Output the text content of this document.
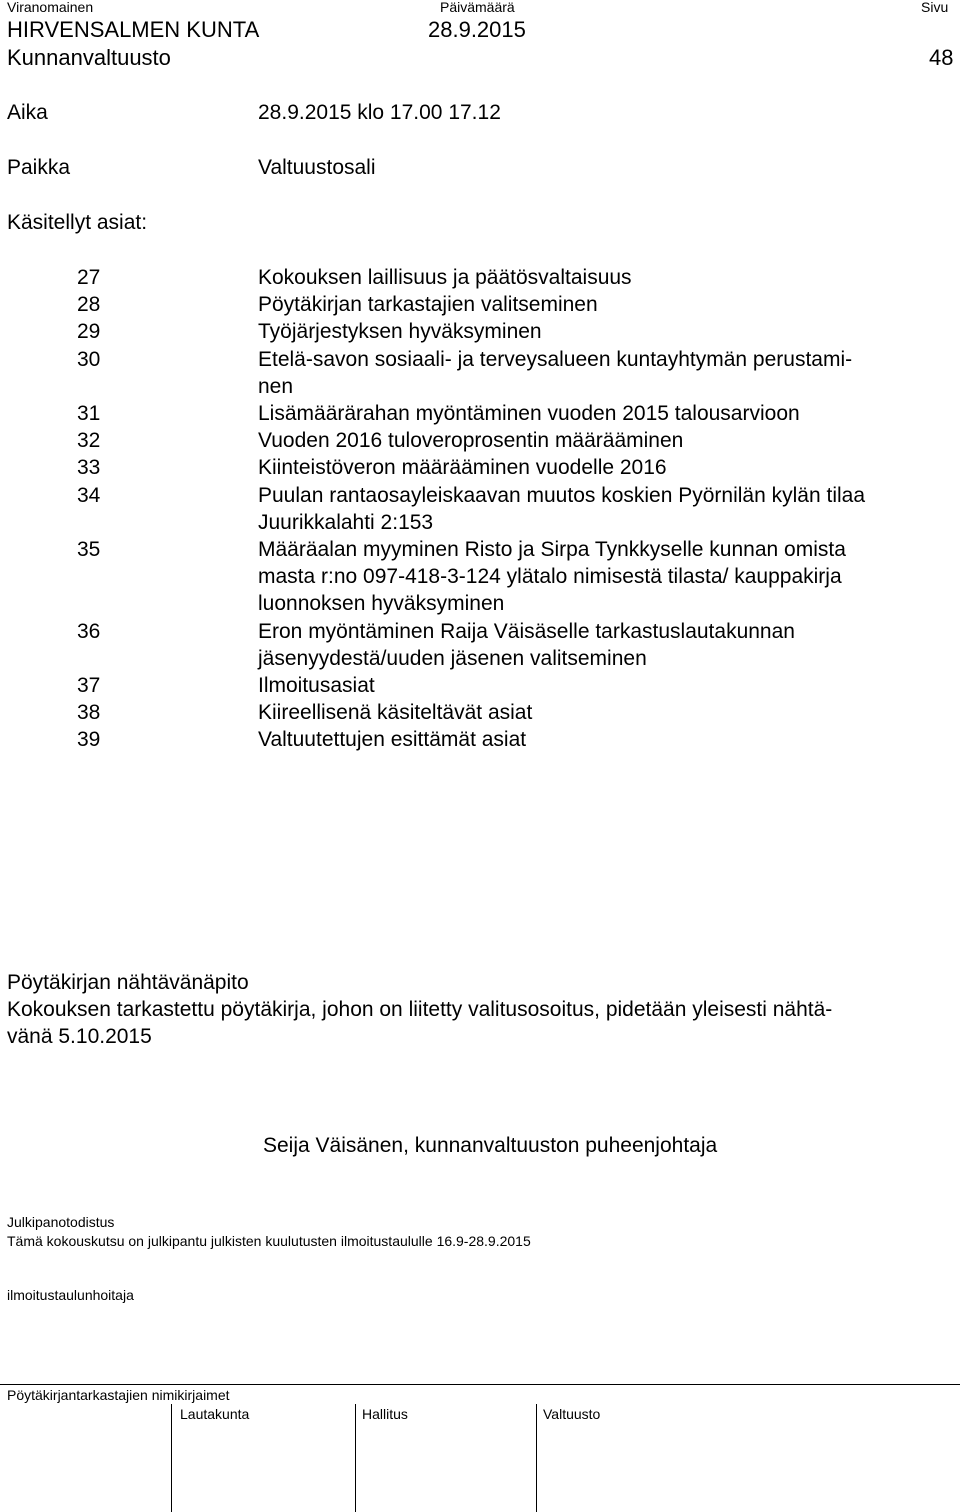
Viranomainen	Päivämäärä	Sivu
HIRVENSALMEN KUNTA	28.9.2015
Kunnanvaltuusto	48
Aika	28.9.2015 klo 17.00 17.12
Paikka	Valtuustosali
Käsitellyt asiat:
27	Kokouksen laillisuus ja päätösvaltaisuus
28	Pöytäkirjan tarkastajien valitseminen
29	Työjärjestyksen hyväksyminen
30	Etelä-savon sosiaali- ja terveysalueen kuntayhtymän perustami-
nen
31	Lisämäärärahan myöntäminen vuoden 2015 talousarvioon
32	Vuoden 2016 tuloveroprosentin määrääminen
33	Kiinteistöveron määrääminen vuodelle 2016
34	Puulan rantaosayleiskaavan muutos koskien Pyörnilän kylän tilaa
Juurikkalahti 2:153
35	Määräalan myyminen Risto ja Sirpa Tynkkyselle kunnan omista
masta r:no 097-418-3-124 ylätalo nimisestä tilasta/ kauppakirja
luonnoksen hyväksyminen
36	Eron myöntäminen Raija Väisäselle tarkastuslautakunnan
jäsenyydestä/uuden jäsenen valitseminen
37	Ilmoitusasiat
38	Kiireellisenä käsiteltävät asiat
39	Valtuutettujen esittämät asiat
Pöytäkirjan nähtävänäpito
Kokouksen tarkastettu pöytäkirja, johon on liitetty valitusosoitus, pidetään yleisesti nähtä-
vänä 5.10.2015
Seija Väisänen, kunnanvaltuuston puheenjohtaja
Julkipanotodistus
Tämä kokouskutsu on julkipantu julkisten kuulutusten ilmoitustaululle 16.9-28.9.2015
ilmoitustaulunhoitaja
Pöytäkirjantarkastajien nimikirjaimet
Lautakunta	Hallitus	Valtuusto
